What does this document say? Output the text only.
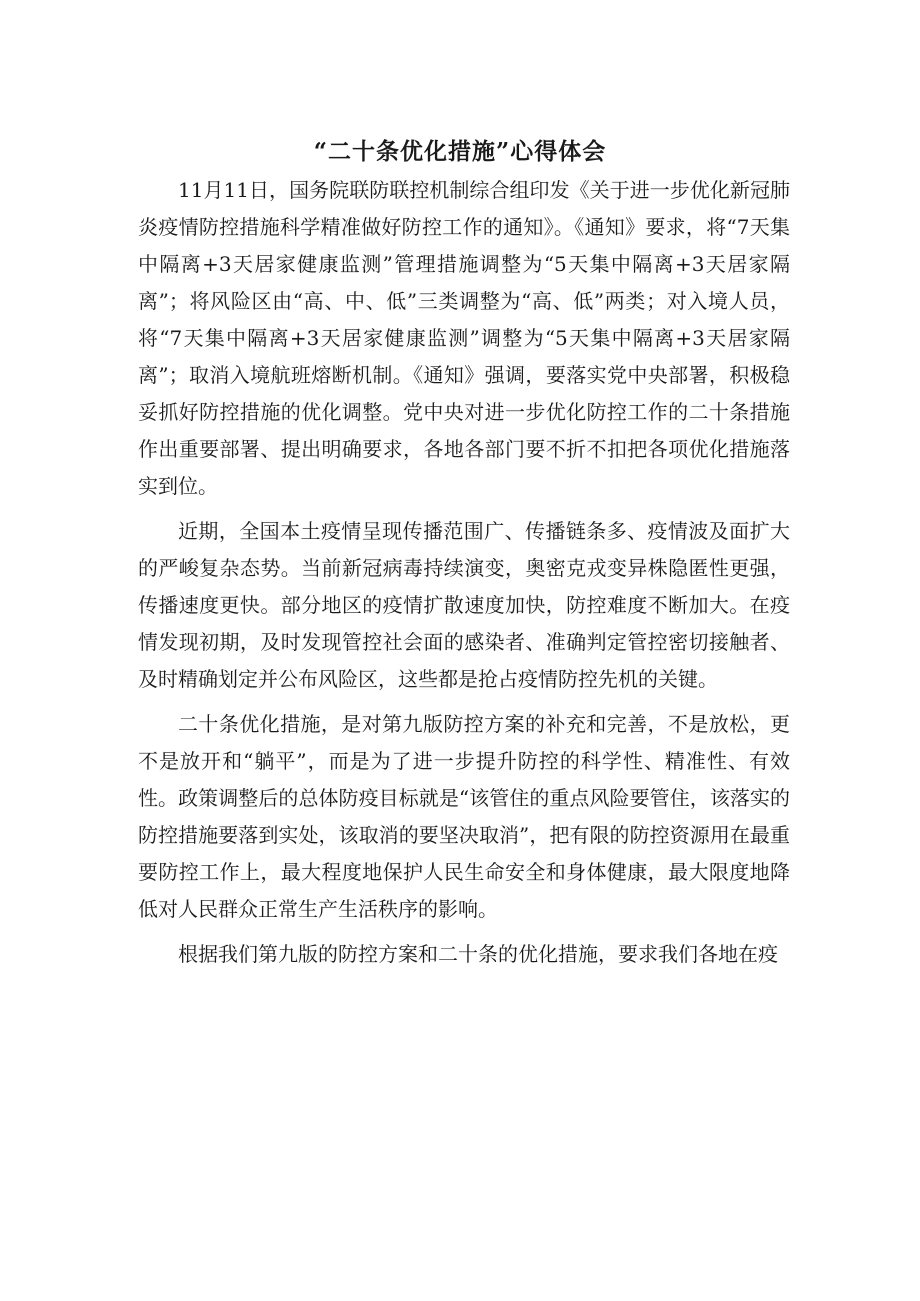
“二十条优化措施”心得体会

11月11日，国务院联防联控机制综合组印发《关于进一步优化新冠肺炎疫情防控措施科学精准做好防控工作的通知》。《通知》要求，将“7天集中隔离+3天居家健康监测”管理措施调整为“5天集中隔离+3天居家隔离”；将风险区由“高、中、低”三类调整为“高、低”两类；对入境人员，将“7天集中隔离+3天居家健康监测”调整为“5天集中隔离+3天居家隔离”；取消入境航班熔断机制。《通知》强调，要落实党中央部署，积极稳妥抓好防控措施的优化调整。党中央对进一步优化防控工作的二十条措施作出重要部署、提出明确要求，各地各部门要不折不扣把各项优化措施落实到位。

近期，全国本土疫情呈现传播范围广、传播链条多、疫情波及面扩大的严峻复杂态势。当前新冠病毒持续演变，奥密克戎变异株隐匿性更强，传播速度更快。部分地区的疫情扩散速度加快，防控难度不断加大。在疫情发现初期，及时发现管控社会面的感染者、准确判定管控密切接触者、及时精确划定并公布风险区，这些都是抢占疫情防控先机的关键。

二十条优化措施，是对第九版防控方案的补充和完善，不是放松，更不是放开和“躺平”，而是为了进一步提升防控的科学性、精准性、有效性。政策调整后的总体防疫目标就是“该管住的重点风险要管住，该落实的防控措施要落到实处，该取消的要坚决取消”，把有限的防控资源用在最重要防控工作上，最大程度地保护人民生命安全和身体健康，最大限度地降低对人民群众正常生产生活秩序的影响。

根据我们第九版的防控方案和二十条的优化措施，要求我们各地在疫
